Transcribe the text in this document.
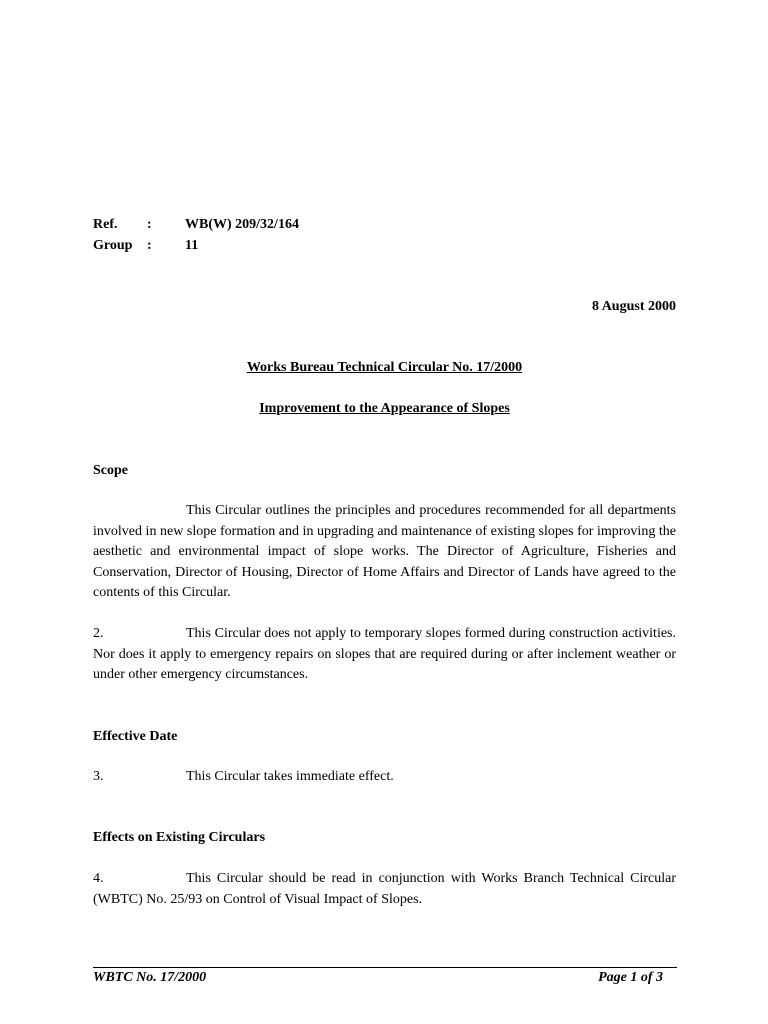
Ref.	:	WB(W) 209/32/164
Group	:	11
8 August 2000
Works Bureau Technical Circular No. 17/2000
Improvement to the Appearance of Slopes
Scope
This Circular outlines the principles and procedures recommended for all departments involved in new slope formation and in upgrading and maintenance of existing slopes for improving the aesthetic and environmental impact of slope works. The Director of Agriculture, Fisheries and Conservation, Director of Housing, Director of Home Affairs and Director of Lands have agreed to the contents of this Circular.
2.	This Circular does not apply to temporary slopes formed during construction activities. Nor does it apply to emergency repairs on slopes that are required during or after inclement weather or under other emergency circumstances.
Effective Date
3.	This Circular takes immediate effect.
Effects on Existing Circulars
4.	This Circular should be read in conjunction with Works Branch Technical Circular (WBTC) No. 25/93 on Control of Visual Impact of Slopes.
WBTC No. 17/2000	Page 1 of 3
